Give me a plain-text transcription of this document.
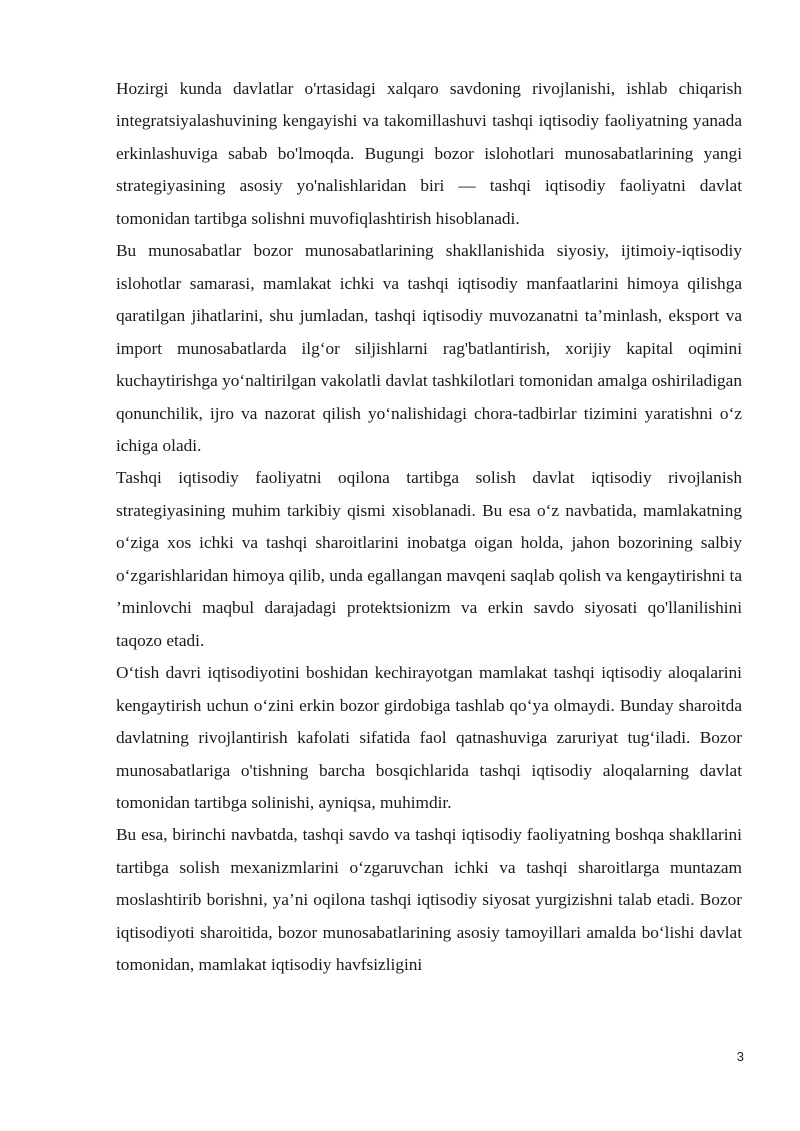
Hozirgi kunda davlatlar o'rtasidagi xalqaro savdoning rivojlanishi, ishlab chiqarish integratsiyalashuvining kengayishi va takomillashuvi tashqi iqtisodiy faoliyatning yanada erkinlashuviga sabab bo'lmoqda. Bugungi bozor islohotlari munosabatlarining yangi strategiyasining asosiy yo'nalishlaridan biri — tashqi iqtisodiy faoliyatni davlat tomonidan tartibga solishni muvofiqlashtirish hisoblanadi.

Bu munosabatlar bozor munosabatlarining shakllanishida siyosiy, ijtimoiy-iqtisodiy islohotlar samarasi, mamlakat ichki va tashqi iqtisodiy manfaatlarini himoya qilishga qaratilgan jihatlarini, shu jumladan, tashqi iqtisodiy muvozanatni ta’minlash, eksport va import munosabatlarda ilg‘or siljishlarni rag'batlantirish, xorijiy kapital oqimini kuchaytirishga yo‘naltirilgan vakolatli davlat tashkilotlari tomonidan amalga oshiriladigan qonunchilik, ijro va nazorat qilish yo‘nalishidagi chora-tadbirlar tizimini yaratishni o‘z ichiga oladi.

Tashqi iqtisodiy faoliyatni oqilona tartibga solish davlat iqtisodiy rivojlanish strategiyasining muhim tarkibiy qismi xisoblanadi. Bu esa o‘z navbatida, mamlakatning o‘ziga xos ichki va tashqi sharoitlarini inobatga oigan holda, jahon bozorining salbiy o‘zgarishlaridan himoya qilib, unda egallangan mavqeni saqlab qolish va kengaytirishni ta ’minlovchi maqbul darajadagi protektsionizm va erkin savdo siyosati qo'llanilishini taqozo etadi.

O‘tish davri iqtisodiyotini boshidan kechirayotgan mamlakat tashqi iqtisodiy aloqalarini kengaytirish uchun o‘zini erkin bozor girdobiga tashlab qo‘ya olmaydi. Bunday sharoitda davlatning rivojlantirish kafolati sifatida faol qatnashuviga zaruriyat tug‘iladi. Bozor munosabatlariga o'tishning barcha bosqichlarida tashqi iqtisodiy aloqalarning davlat tomonidan tartibga solinishi, ayniqsa, muhimdir.

Bu esa, birinchi navbatda, tashqi savdo va tashqi iqtisodiy faoliyatning boshqa shakllarini tartibga solish mexanizmlarini o‘zgaruvchan ichki va tashqi sharoitlarga muntazam moslashtirib borishni, ya’ni oqilona tashqi iqtisodiy siyosat yurgizishni talab etadi. Bozor iqtisodiyoti sharoitida, bozor munosabatlarining asosiy tamoyillari amalda bo‘lishi davlat tomonidan, mamlakat iqtisodiy havfsizligini

3
